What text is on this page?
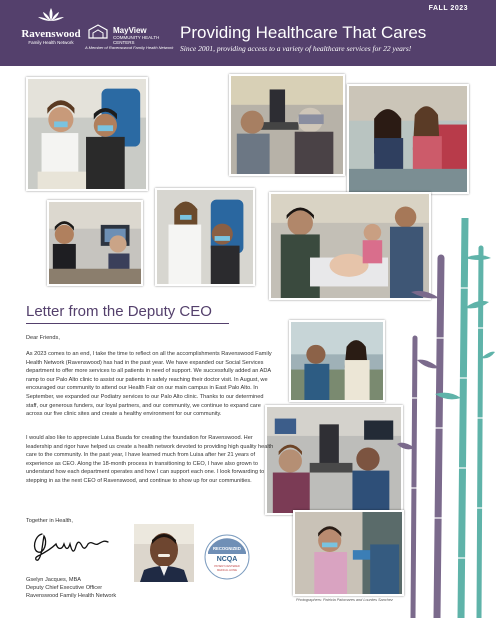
Ravenswood
Family Health Network
MayView
COMMUNITY HEALTH
CENTERS
A Member of Ravenswood Family Health Network
FALL 2023
Providing Healthcare That Cares
Since 2001, providing access to a variety of healthcare services for 22 years!
Letter from the Deputy CEO
Dear Friends,
As 2023 comes to an end, I take the time to reflect on all the accomplishments Ravenswood Family Health Network (Ravenswood) has had in the past year. We have expanded our Social Services department to offer more services to all patients in need of support. We successfully added an ADA ramp to our Palo Alto clinic to assist our patients in safely reaching their doctor visit. In August, we encouraged our community to attend our Health Fair on our main campus in East Palo Alto. In September, we expanded our Podiatry services to our Palo Alto clinic. Thanks to our determined staff, our generous funders, our loyal partners, and our community, we continue to expand care across our five clinic sites and create a healthy environment for our community.
I would also like to appreciate Luisa Buada for creating the foundation for Ravenswood. Her leadership and rigor have helped us create a health network devoted to providing high quality health care to the community. In the past year, I have learned much from Luisa after her 21 years of experience as CEO. Along the 18-month process in transitioning to CEO, I have also grown to understand how each department operates and how I can support each one. I look forwarding to stepping in as the next CEO of Ravenswood, and continue to show up for our communities.
Together in Health,
Gselyn Jacques, MBA
Deputy Chief Executive Officer
Ravenswood Family Health Network
RECOGNIZED
NCQA
PATIENT-CENTERED
MEDICAL HOME
Photographers: Patricia Palomares and Lourdes Sanchez
